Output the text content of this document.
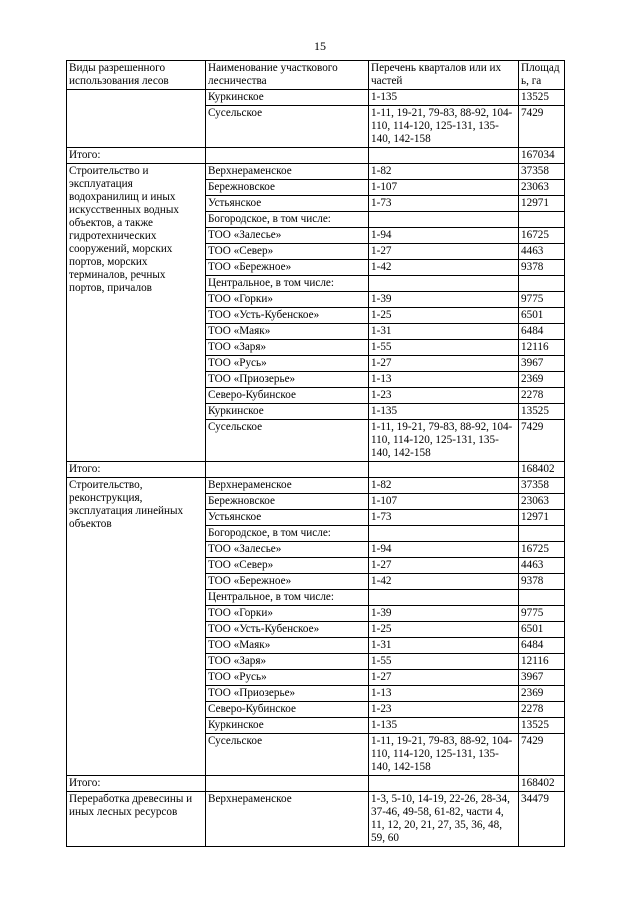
15
Виды разрешенного использования лесов	Наименование участкового лесничества	Перечень кварталов или их частей	Площадь, га
	Куркинское	1-135	13525
	Сусельское	1-11, 19-21, 79-83, 88-92, 104-110, 114-120, 125-131, 135-140, 142-158	7429
Итого:			167034
Строительство и эксплуатация водохранилищ и иных искусственных водных объектов, а также гидротехнических сооружений, морских портов, морских терминалов, речных портов, причалов	Верхнераменское	1-82	37358
	Бережновское	1-107	23063
	Устьянское	1-73	12971
	Богородское, в том числе:		
	ТОО «Залесье»	1-94	16725
	ТОО «Север»	1-27	4463
	ТОО «Бережное»	1-42	9378
	Центральное, в том числе:		
	ТОО «Горки»	1-39	9775
	ТОО «Усть-Кубенское»	1-25	6501
	ТОО «Маяк»	1-31	6484
	ТОО «Заря»	1-55	12116
	ТОО «Русь»	1-27	3967
	ТОО «Приозерье»	1-13	2369
	Северо-Кубинское	1-23	2278
	Куркинское	1-135	13525
	Сусельское	1-11, 19-21, 79-83, 88-92, 104-110, 114-120, 125-131, 135-140, 142-158	7429
Итого:			168402
Строительство, реконструкция, эксплуатация линейных объектов	Верхнераменское	1-82	37358
	Бережновское	1-107	23063
	Устьянское	1-73	12971
	Богородское, в том числе:		
	ТОО «Залесье»	1-94	16725
	ТОО «Север»	1-27	4463
	ТОО «Бережное»	1-42	9378
	Центральное, в том числе:		
	ТОО «Горки»	1-39	9775
	ТОО «Усть-Кубенское»	1-25	6501
	ТОО «Маяк»	1-31	6484
	ТОО «Заря»	1-55	12116
	ТОО «Русь»	1-27	3967
	ТОО «Приозерье»	1-13	2369
	Северо-Кубинское	1-23	2278
	Куркинское	1-135	13525
	Сусельское	1-11, 19-21, 79-83, 88-92, 104-110, 114-120, 125-131, 135-140, 142-158	7429
Итого:			168402
Переработка древесины и иных лесных ресурсов	Верхнераменское	1-3, 5-10, 14-19, 22-26, 28-34, 37-46, 49-58, 61-82, части 4, 11, 12, 20, 21, 27, 35, 36, 48, 59, 60	34479
